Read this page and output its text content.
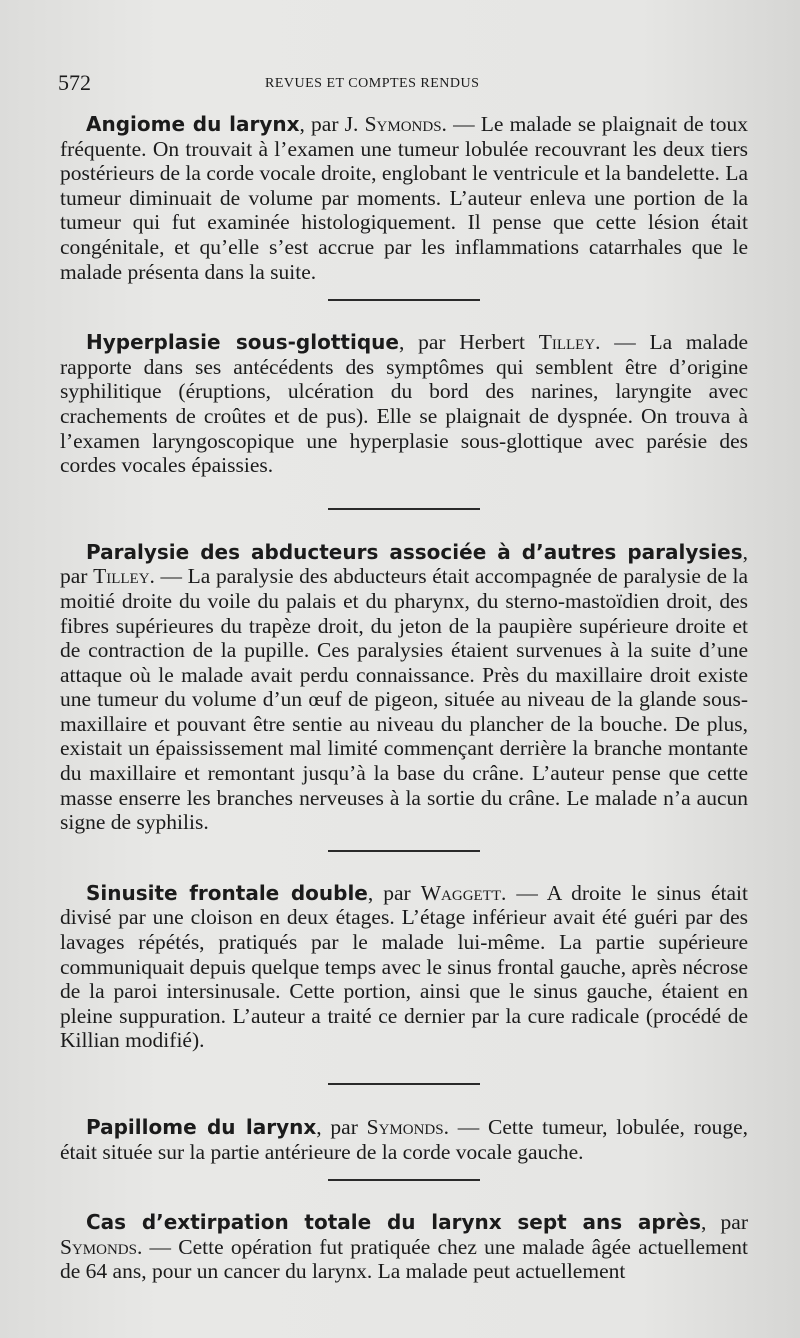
572	REVUES ET COMPTES RENDUS

Angiome du larynx, par J. Symonds. — Le malade se plaignait de toux fréquente. On trouvait à l’examen une tumeur lobulée recouvrant les deux tiers postérieurs de la corde vocale droite, englobant le ventricule et la bandelette. La tumeur diminuait de volume par moments. L’auteur enleva une portion de la tumeur qui fut examinée histologiquement. Il pense que cette lésion était congénitale, et qu’elle s’est accrue par les inflammations catarrhales que le malade présenta dans la suite.

Hyperplasie sous-glottique, par Herbert Tilley. — La malade rapporte dans ses antécédents des symptômes qui semblent être d’origine syphilitique (éruptions, ulcération du bord des narines, laryngite avec crachements de croûtes et de pus). Elle se plaignait de dyspnée. On trouva à l’examen laryngoscopique une hyperplasie sous-glottique avec parésie des cordes vocales épaissies.

Paralysie des abducteurs associée à d’autres paralysies, par Tilley. — La paralysie des abducteurs était accompagnée de paralysie de la moitié droite du voile du palais et du pharynx, du sterno-mastoïdien droit, des fibres supérieures du trapèze droit, du jeton de la paupière supérieure droite et de contraction de la pupille. Ces paralysies étaient survenues à la suite d’une attaque où le malade avait perdu connaissance. Près du maxillaire droit existe une tumeur du volume d’un œuf de pigeon, située au niveau de la glande sous-maxillaire et pouvant être sentie au niveau du plancher de la bouche. De plus, existait un épaississement mal limité commençant derrière la branche montante du maxillaire et remontant jusqu’à la base du crâne. L’auteur pense que cette masse enserre les branches nerveuses à la sortie du crâne. Le malade n’a aucun signe de syphilis.

Sinusite frontale double, par Waggett. — A droite le sinus était divisé par une cloison en deux étages. L’étage inférieur avait été guéri par des lavages répétés, pratiqués par le malade lui-même. La partie supérieure communiquait depuis quelque temps avec le sinus frontal gauche, après nécrose de la paroi intersinusale. Cette portion, ainsi que le sinus gauche, étaient en pleine suppuration. L’auteur a traité ce dernier par la cure radicale (procédé de Killian modifié).

Papillome du larynx, par Symonds. — Cette tumeur, lobulée, rouge, était située sur la partie antérieure de la corde vocale gauche.

Cas d’extirpation totale du larynx sept ans après, par Symonds. — Cette opération fut pratiquée chez une malade âgée actuellement de 64 ans, pour un cancer du larynx. La malade peut actuellement
